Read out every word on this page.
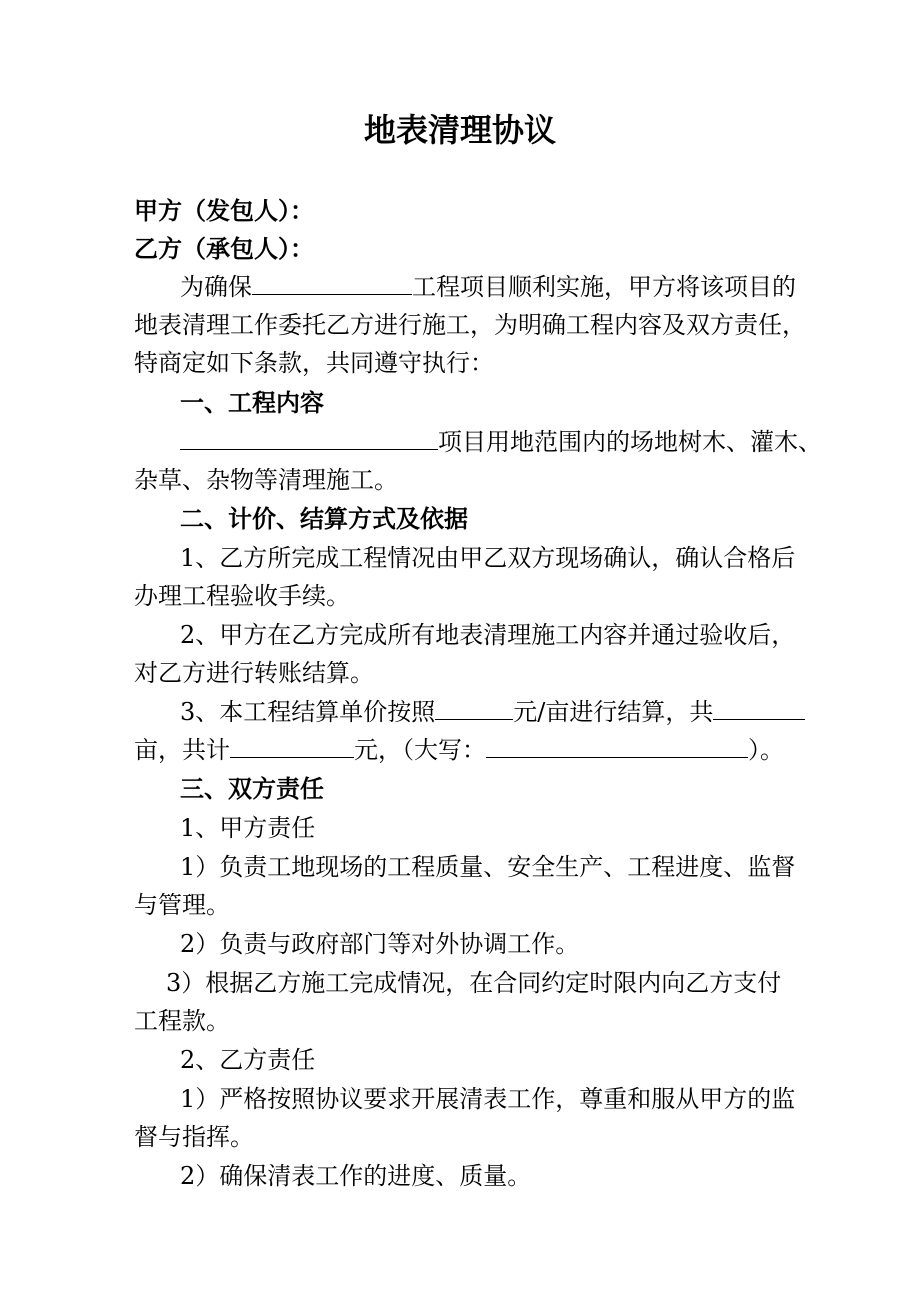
地表清理协议
甲方（发包人）：
乙方（承包人）：
为确保	工程项目顺利实施，甲方将该项目的
地表清理工作委托乙方进行施工，为明确工程内容及双方责任，
特商定如下条款，共同遵守执行：
一、工程内容
项目用地范围内的场地树木、灌木、
杂草、杂物等清理施工。
二、计价、结算方式及依据
1、乙方所完成工程情况由甲乙双方现场确认，确认合格后
办理工程验收手续。
2、甲方在乙方完成所有地表清理施工内容并通过验收后，
对乙方进行转账结算。
3、本工程结算单价按照	元/亩进行结算，共
亩，共计	元，（大写：	）。
三、双方责任
1、甲方责任
1）负责工地现场的工程质量、安全生产、工程进度、监督
与管理。
2）负责与政府部门等对外协调工作。
3）根据乙方施工完成情况，在合同约定时限内向乙方支付
工程款。
2、乙方责任
1）严格按照协议要求开展清表工作，尊重和服从甲方的监
督与指挥。
2）确保清表工作的进度、质量。
